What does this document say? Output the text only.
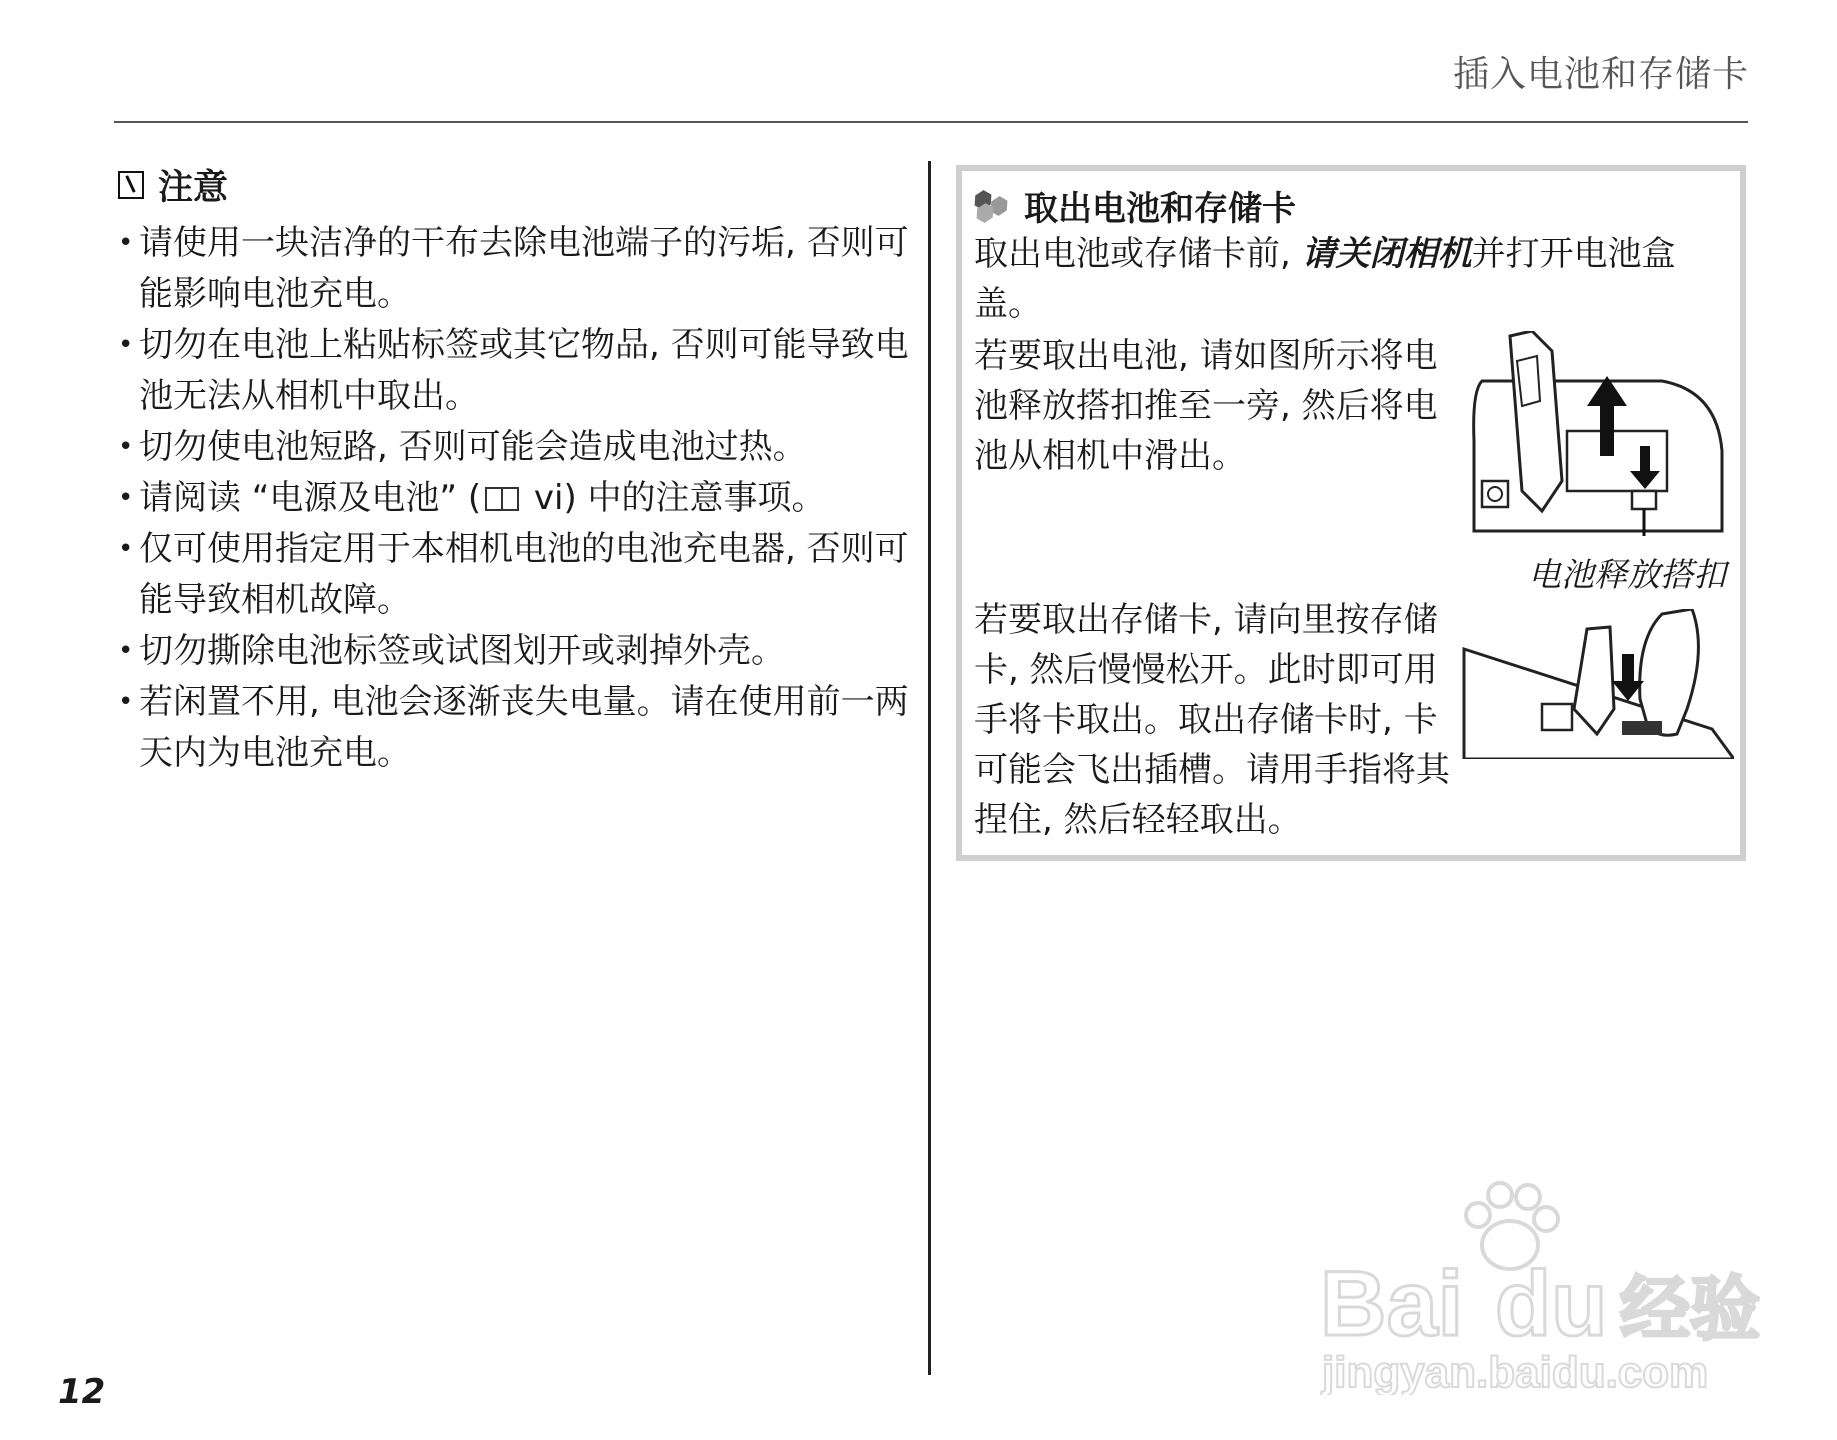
插入电池和存储卡
注意
• 请使用一块洁净的干布去除电池端子的污垢, 否则可能影响电池充电。
• 切勿在电池上粘贴标签或其它物品, 否则可能导致电池无法从相机中取出。
• 切勿使电池短路, 否则可能会造成电池过热。
• 请阅读 “电源及电池” ( vi) 中的注意事项。
• 仅可使用指定用于本相机电池的电池充电器, 否则可能导致相机故障。
• 切勿撕除电池标签或试图划开或剥掉外壳。
• 若闲置不用, 电池会逐渐丧失电量。请在使用前一两天内为电池充电。
取出电池和存储卡
取出电池或存储卡前, 请关闭相机并打开电池盒盖。
若要取出电池, 请如图所示将电池释放搭扣推至一旁, 然后将电池从相机中滑出。
电池释放搭扣
若要取出存储卡, 请向里按存储卡, 然后慢慢松开。此时即可用手将卡取出。取出存储卡时, 卡可能会飞出插槽。请用手指将其捏住, 然后轻轻取出。
12
Bai du 经验
jingyan.baidu.com
